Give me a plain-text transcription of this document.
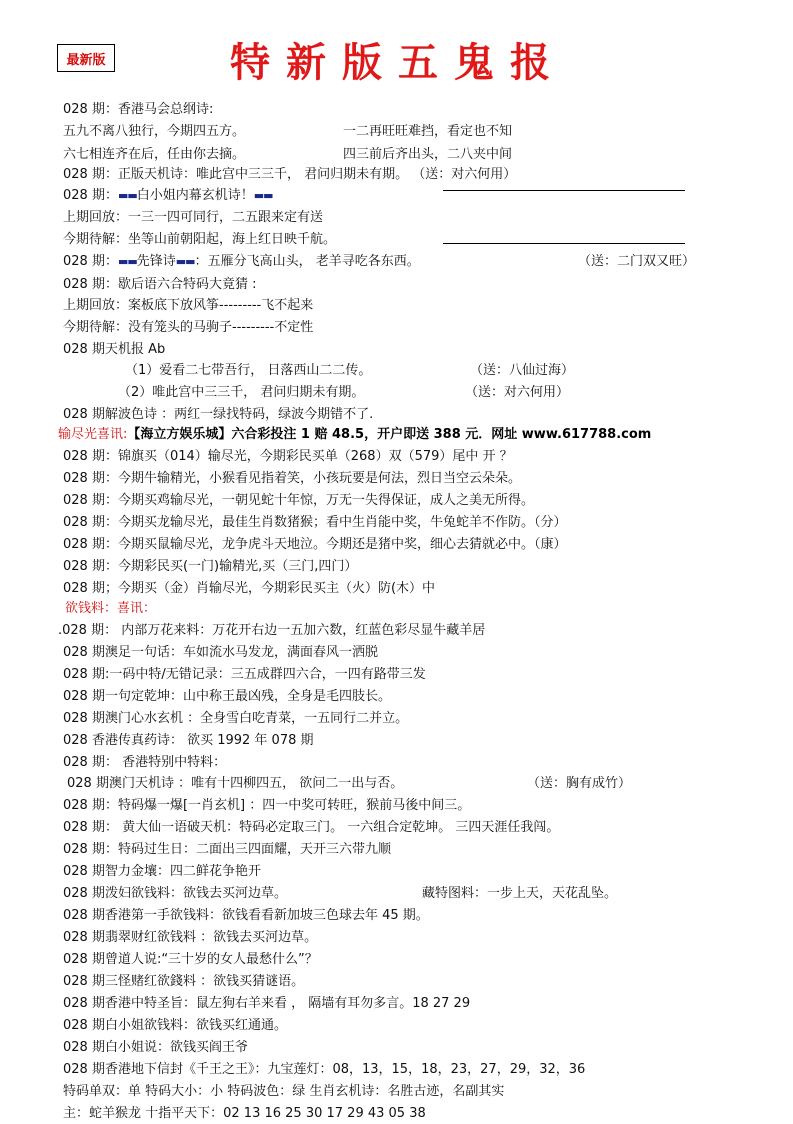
最新版	特新版五鬼报
028 期：香港马会总纲诗:
五九不离八独行，今期四五方。	一二再旺旺难挡，看定也不知
六七相连齐在后，任由你去摘。	四三前后齐出头，二八夹中间
028 期：正版天机诗：唯此宫中三三千， 君问归期未有期。 （送：对六何用）
028 期：▬▬白小姐内幕玄机诗！▬▬
上期回放：一三一四可同行，二五跟来定有送
今期待解：坐等山前朝阳起，海上红日映千航。
028 期：▬▬先锋诗▬▬：五雁分飞高山头， 老羊寻吃各东西。	（送：二门双又旺）
028 期：歇后语六合特码大竟猜 :
上期回放：案板底下放风筝---------飞不起来
今期待解：没有笼头的马驹子---------不定性
028 期天机报 Ab
（1）爱看二七带吾行， 日落西山二二传。	（送：八仙过海）
（2）唯此宫中三三千， 君问归期未有期。	（送：对六何用）
028 期解波色诗 ：两红一绿找特码，绿波今期错不了.
输尽光喜讯:【海立方娱乐城】六合彩投注 1 赔 48.5，开户即送 388 元．网址 www.617788.com
028 期：锦旗买（014）输尽光，今期彩民买单（268）双（579）尾中 开 ？
028 期：今期牛输精光，小猴看见指着笑，小孩玩要是何法，烈日当空云朵朵。
028 期：今期买鸡输尽光，一朝见蛇十年惊，万无一失得保证，成人之美无所得。
028 期：今期买龙输尽光，最佳生肖数猪猴；看中生肖能中奖，牛兔蛇羊不作防。（分）
028 期：今期买鼠输尽光，龙争虎斗天地泣。今期还是猪中奖，细心去猜就必中。（康）
028 期：今期彩民买(一门)输精光,买（三门,四门）
028 期；今期买（金）肖输尽光，今期彩民买主（火）防(木）中
欲钱料：喜讯：
.028 期： 内部万花来料：万花开右边一五加六数，红蓝色彩尽显牛藏羊居
028 期澳足一句话：车如流水马发龙，满面春风一洒脱
028 期:一码中特/无错记录：三五成群四六合，一四有路带三发
028 期一句定乾坤：山中称王最凶残，全身是毛四肢长。
028 期澳门心水玄机 ：全身雪白吃青菜，一五同行二并立。
028 香港传真药诗： 欲买 1992 年 078 期
028 期： 香港特别中特料：
028 期澳门天机诗 ：唯有十四柳四五， 欲问二一出与否。	（送：胸有成竹）
028 期：特码爆一爆[一肖玄机] ：四一中奖可转旺，猴前马後中间三。
028 期： 黄大仙一语破天机：特码必定取三门。 一六组合定乾坤。 三四天涯任我闯。
028 期：特码过生日：二面出三四面耀，天开三六带九顺
028 期智力金壤：四二鲜花争艳开
028 期泼妇欲钱料：欲钱去买河边草。	藏特图料：一步上天，天花乱坠。
028 期香港第一手欲钱料：欲钱看看新加坡三色球去年 45 期。
028 期翡翠财红欲钱料 ：欲钱去买河边草。
028 期曾道人说:“三十岁的女人最愁什么”？
028 期三怪赌红欲錢料 ：欲钱买猜谜语。
028 期香港中特圣旨：鼠左狗右羊来看 ， 隔墙有耳勿多言。18 27 29
028 期白小姐欲钱料：欲钱买红通通。
028 期白小姐说：欲钱买阎王爷
028 期香港地下信封《千王之王》：九宝莲灯：08，13，15，18，23，27，29，32，36
特码单双：单 特码大小：小 特码波色：绿 生肖玄机诗：名胜古迹，名副其实
主：蛇羊猴龙 十指平天下：02 13 16 25 30 17 29 43 05 38
